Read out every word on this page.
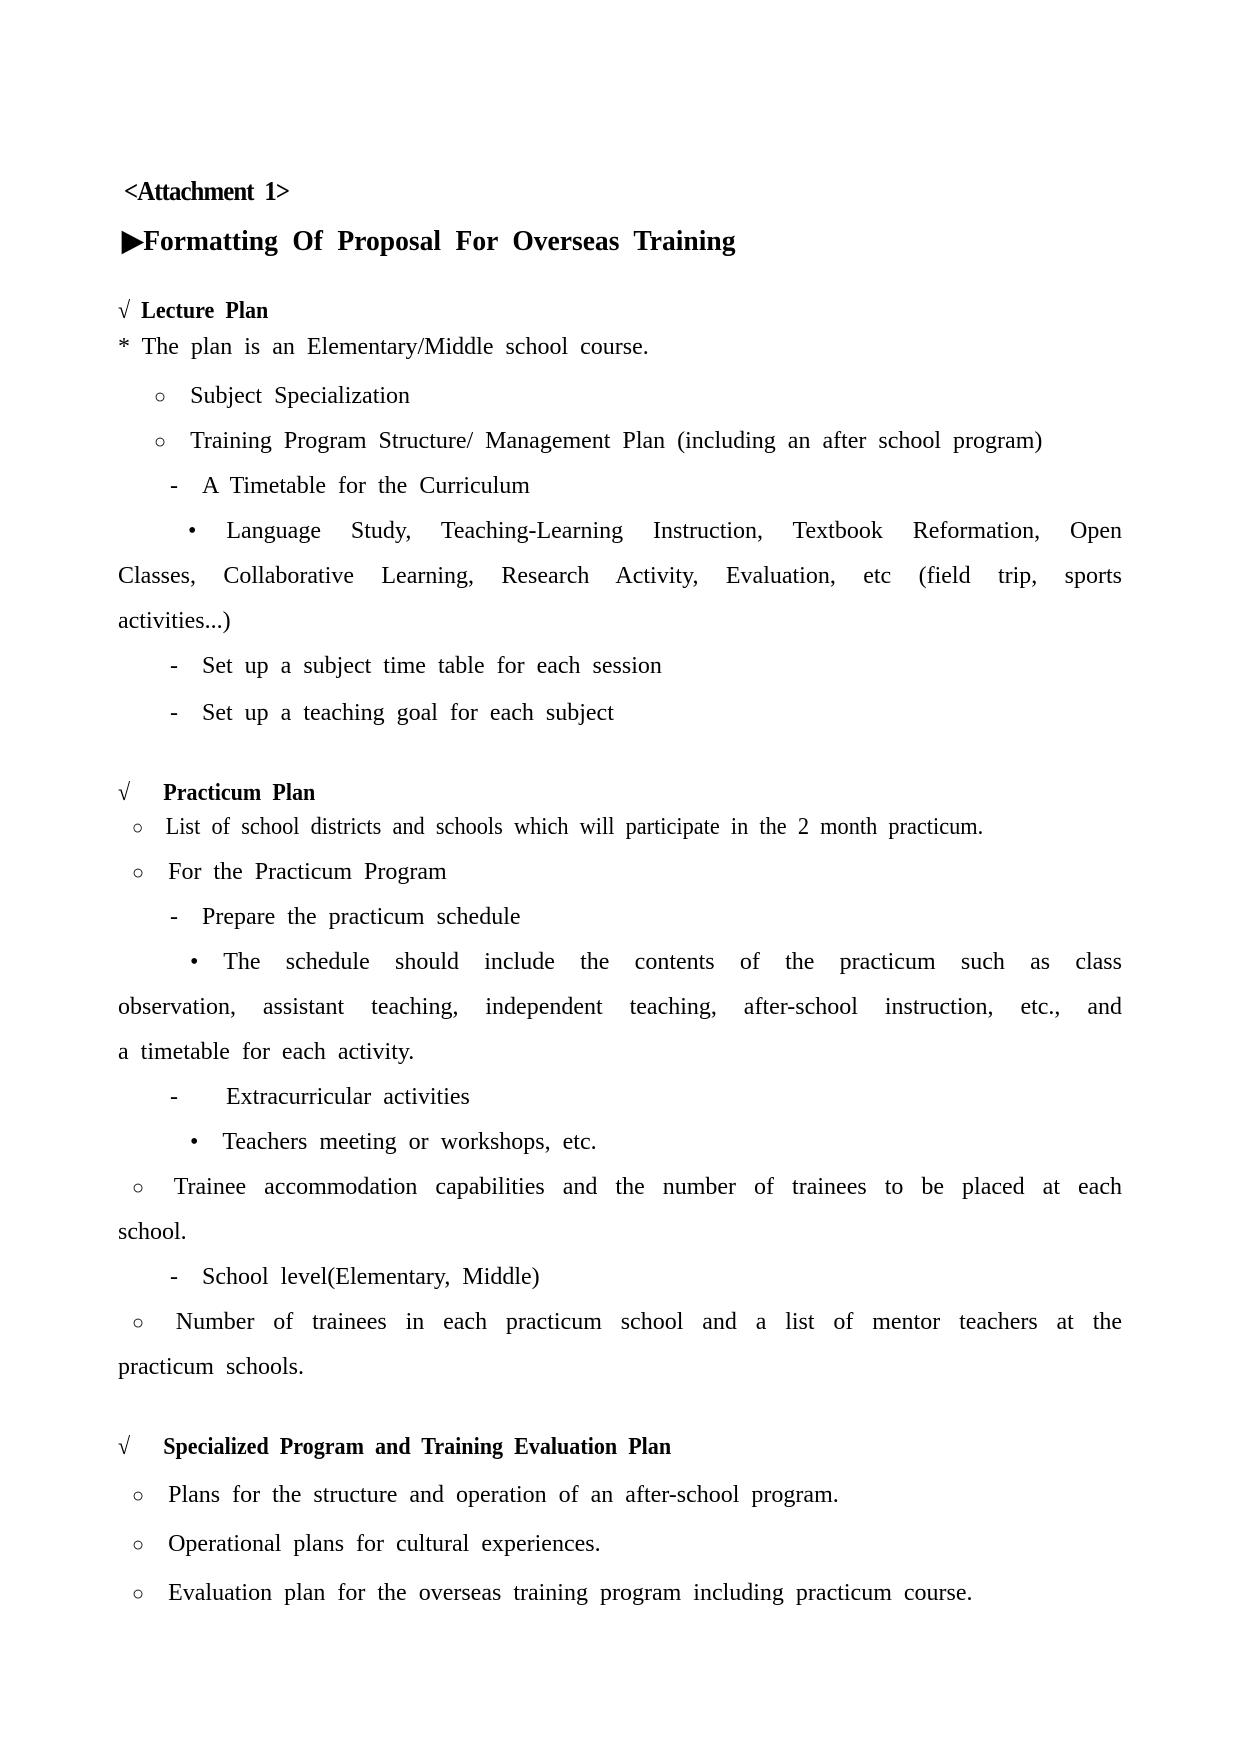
<Attachment 1>
▶Formatting Of Proposal For Overseas Training
√ Lecture Plan
* The plan is an Elementary/Middle school course.
○ Subject Specialization
○ Training Program Structure/ Management Plan (including an after school program)
- A Timetable for the Curriculum
• Language Study, Teaching-Learning Instruction, Textbook Reformation, Open
Classes, Collaborative Learning, Research Activity, Evaluation, etc (field trip, sports
activities...)
- Set up a subject time table for each session
- Set up a teaching goal for each subject
√ Practicum Plan
○ List of school districts and schools which will participate in the 2 month practicum.
○ For the Practicum Program
- Prepare the practicum schedule
• The schedule should include the contents of the practicum such as class
observation, assistant teaching, independent teaching, after-school instruction, etc., and
a timetable for each activity.
- Extracurricular activities
• Teachers meeting or workshops, etc.
○ Trainee accommodation capabilities and the number of trainees to be placed at each
school.
- School level(Elementary, Middle)
○ Number of trainees in each practicum school and a list of mentor teachers at the
practicum schools.
√ Specialized Program and Training Evaluation Plan
○ Plans for the structure and operation of an after-school program.
○ Operational plans for cultural experiences.
○ Evaluation plan for the overseas training program including practicum course.
